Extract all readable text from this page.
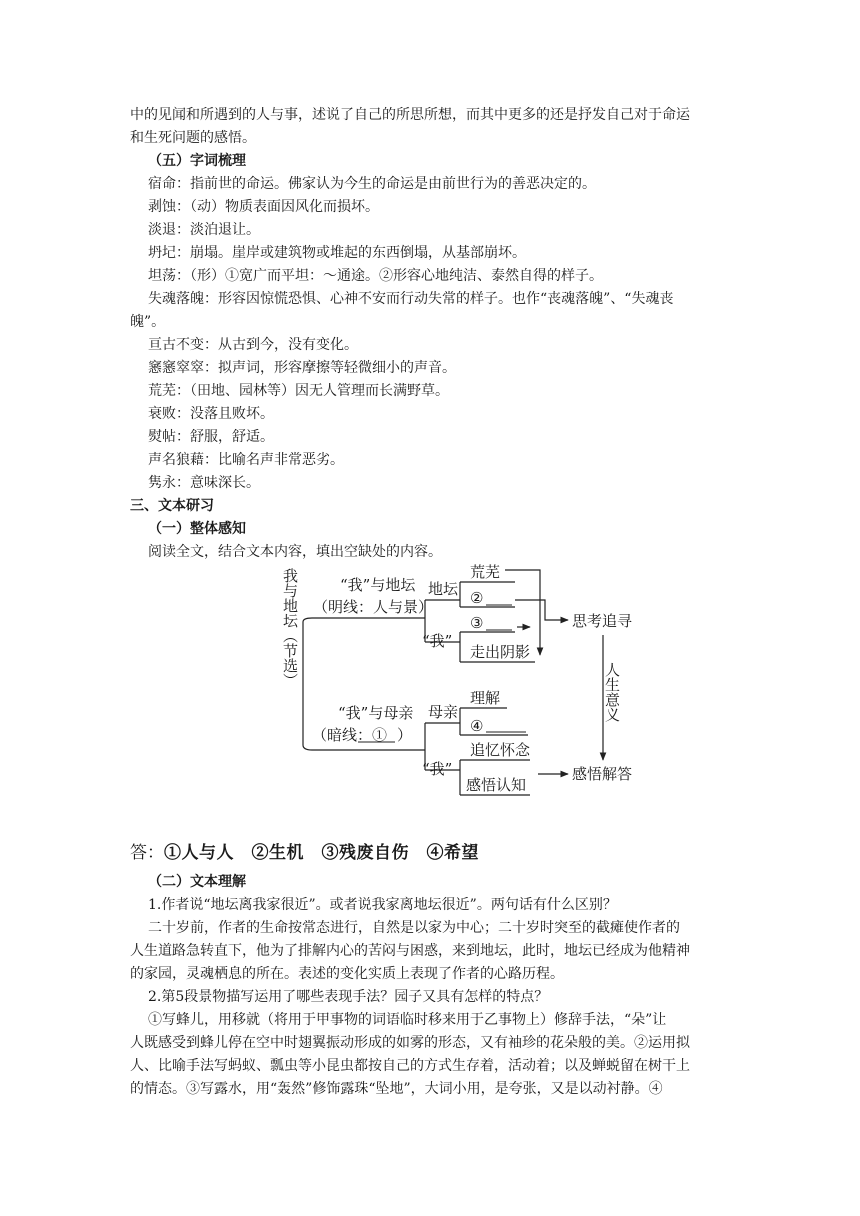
中的见闻和所遇到的人与事，述说了自己的所思所想，而其中更多的还是抒发自己对于命运
和生死问题的感悟。
（五）字词梳理
宿命：指前世的命运。佛家认为今生的命运是由前世行为的善恶决定的。
剥蚀：（动）物质表面因风化而损坏。
淡退：淡泊退让。
坍圮：崩塌。崖岸或建筑物或堆起的东西倒塌，从基部崩坏。
坦荡：（形）①宽广而平坦：～通途。②形容心地纯洁、泰然自得的样子。
失魂落魄：形容因惊慌恐惧、心神不安而行动失常的样子。也作“丧魂落魄”、“失魂丧
魄”。
亘古不变：从古到今，没有变化。
窸窸窣窣：拟声词，形容摩擦等轻微细小的声音。
荒芜：（田地、园林等）因无人管理而长满野草。
衰败：没落且败坏。
熨帖：舒服，舒适。
声名狼藉：比喻名声非常恶劣。
隽永：意味深长。
三、文本研习
（一）整体感知
阅读全文，结合文本内容，填出空缺处的内容。
我与地坛（节选）	“我”与地坛
（明线：人与景）
“我”与母亲
（暗线：① ）
地坛
“我”
母亲
“我”
荒芜
②
③
走出阴影
理解
④
追忆怀念
感悟认知
思考追寻
人生意义
感悟解答
答：①人与人　②生机　③残废自伤　④希望
（二）文本理解
1.作者说“地坛离我家很近”。或者说我家离地坛很近”。两句话有什么区别？
二十岁前，作者的生命按常态进行，自然是以家为中心；二十岁时突至的截瘫使作者的
人生道路急转直下，他为了排解内心的苦闷与困惑，来到地坛，此时，地坛已经成为他精神
的家园，灵魂栖息的所在。表述的变化实质上表现了作者的心路历程。
2.第5段景物描写运用了哪些表现手法？园子又具有怎样的特点？
①写蜂儿，用移就（将用于甲事物的词语临时移来用于乙事物上）修辞手法，“朵”让
人既感受到蜂儿停在空中时翅翼振动形成的如雾的形态，又有袖珍的花朵般的美。②运用拟
人、比喻手法写蚂蚁、瓢虫等小昆虫都按自己的方式生存着，活动着；以及蝉蜕留在树干上
的情态。③写露水，用“轰然”修饰露珠“坠地”，大词小用，是夸张，又是以动衬静。④
